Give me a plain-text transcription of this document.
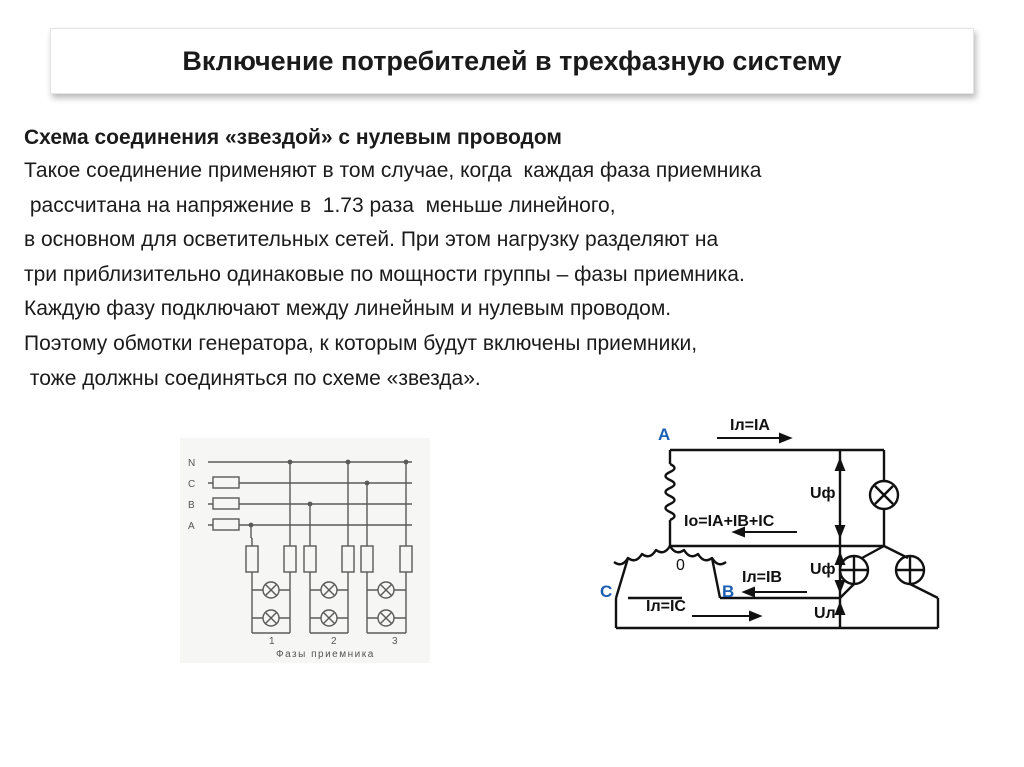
Включение потребителей в трехфазную систему
Схема соединения «звездой» с нулевым проводом
Такое соединение применяют в том случае, когда  каждая фаза приемника
рассчитана на напряжение в  1.73 раза  меньше линейного,
в основном для осветительных сетей. При этом нагрузку разделяют на
три приблизительно одинаковые по мощности группы – фазы приемника.
Каждую фазу подключают между линейным и нулевым проводом.
Поэтому обмотки генератора, к которым будут включены приемники,
тоже должны соединяться по схеме «звезда».
N
C
B
A
1	2	3
Фазы приемника
A
B
C
0
Iл=IA
Io=IA+IB+IC
Iл=IB
Iл=IC
Uф
Uф
Uл
